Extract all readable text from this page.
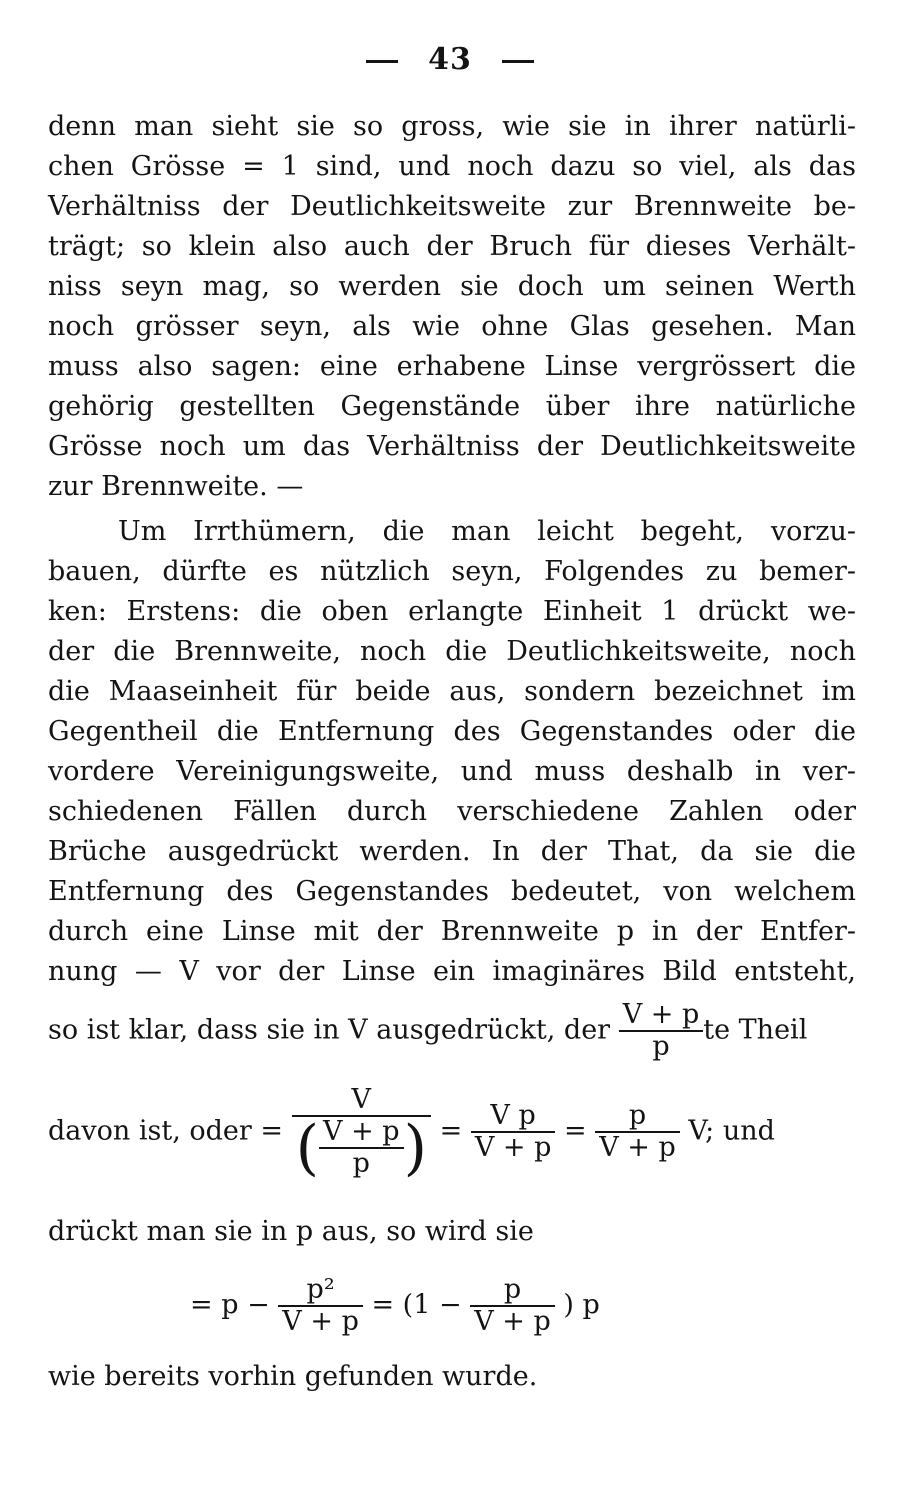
43
denn man sieht sie so gross, wie sie in ihrer natürli-
chen Grösse = 1 sind, und noch dazu so viel, als das
Verhältniss der Deutlichkeitsweite zur Brennweite be-
trägt; so klein also auch der Bruch für dieses Verhält-
niss seyn mag, so werden sie doch um seinen Werth
noch grösser seyn, als wie ohne Glas gesehen. Man
muss also sagen: eine erhabene Linse vergrössert die
gehörig gestellten Gegenstände über ihre natürliche
Grösse noch um das Verhältniss der Deutlichkeitsweite
zur Brennweite. —
Um Irrthümern, die man leicht begeht, vorzu-
bauen, dürfte es nützlich seyn, Folgendes zu bemer-
ken: Erstens: die oben erlangte Einheit 1 drückt we-
der die Brennweite, noch die Deutlichkeitsweite, noch
die Maaseinheit für beide aus, sondern bezeichnet im
Gegentheil die Entfernung des Gegenstandes oder die
vordere Vereinigungsweite, und muss deshalb in ver-
schiedenen Fällen durch verschiedene Zahlen oder
Brüche ausgedrückt werden. In der That, da sie die
Entfernung des Gegenstandes bedeutet, von welchem
durch eine Linse mit der Brennweite p in der Entfer-
nung — V vor der Linse ein imaginäres Bild entsteht,
so ist klar, dass sie in V ausgedrückt, der $\frac{V + p}{p}$ te Theil
davon ist, oder = $\frac{V}{( \frac{V + p}{p} )} = \frac{\text{V p}}{V + p} = \frac{p}{V + p} V$; und
drückt man sie in p aus, so wird sie
= $p - \frac{\text{p²}}{V + p} = (1 - \frac{p}{V + p}$ ) p
wie bereits vorhin gefunden wurde.
